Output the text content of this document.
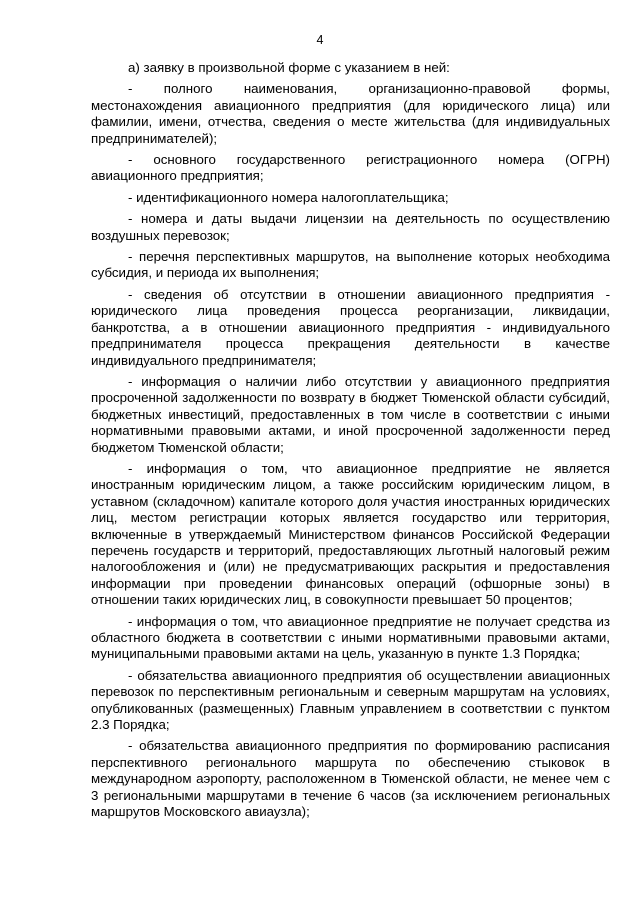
4

а) заявку в произвольной форме с указанием в ней:

- полного наименования, организационно-правовой формы, местонахождения авиационного предприятия (для юридического лица) или фамилии, имени, отчества, сведения о месте жительства (для индивидуальных предпринимателей);

- основного государственного регистрационного номера (ОГРН) авиационного предприятия;

- идентификационного номера налогоплательщика;

- номера и даты выдачи лицензии на деятельность по осуществлению воздушных перевозок;

- перечня перспективных маршрутов, на выполнение которых необходима субсидия, и периода их выполнения;

- сведения об отсутствии в отношении авиационного предприятия - юридического лица проведения процесса реорганизации, ликвидации, банкротства, а в отношении авиационного предприятия - индивидуального предпринимателя процесса прекращения деятельности в качестве индивидуального предпринимателя;

- информация о наличии либо отсутствии у авиационного предприятия просроченной задолженности по возврату в бюджет Тюменской области субсидий, бюджетных инвестиций, предоставленных в том числе в соответствии с иными нормативными правовыми актами, и иной просроченной задолженности перед бюджетом Тюменской области;

- информация о том, что авиационное предприятие не является иностранным юридическим лицом, а также российским юридическим лицом, в уставном (складочном) капитале которого доля участия иностранных юридических лиц, местом регистрации которых является государство или территория, включенные в утверждаемый Министерством финансов Российской Федерации перечень государств и территорий, предоставляющих льготный налоговый режим налогообложения и (или) не предусматривающих раскрытия и предоставления информации при проведении финансовых операций (офшорные зоны) в отношении таких юридических лиц, в совокупности превышает 50 процентов;

- информация о том, что авиационное предприятие не получает средства из областного бюджета в соответствии с иными нормативными правовыми актами, муниципальными правовыми актами на цель, указанную в пункте 1.3 Порядка;

- обязательства авиационного предприятия об осуществлении авиационных перевозок по перспективным региональным и северным маршрутам на условиях, опубликованных (размещенных) Главным управлением в соответствии с пунктом 2.3 Порядка;

- обязательства авиационного предприятия по формированию расписания перспективного регионального маршрута по обеспечению стыковок в международном аэропорту, расположенном в Тюменской области, не менее чем с 3 региональными маршрутами в течение 6 часов (за исключением региональных маршрутов Московского авиаузла);
